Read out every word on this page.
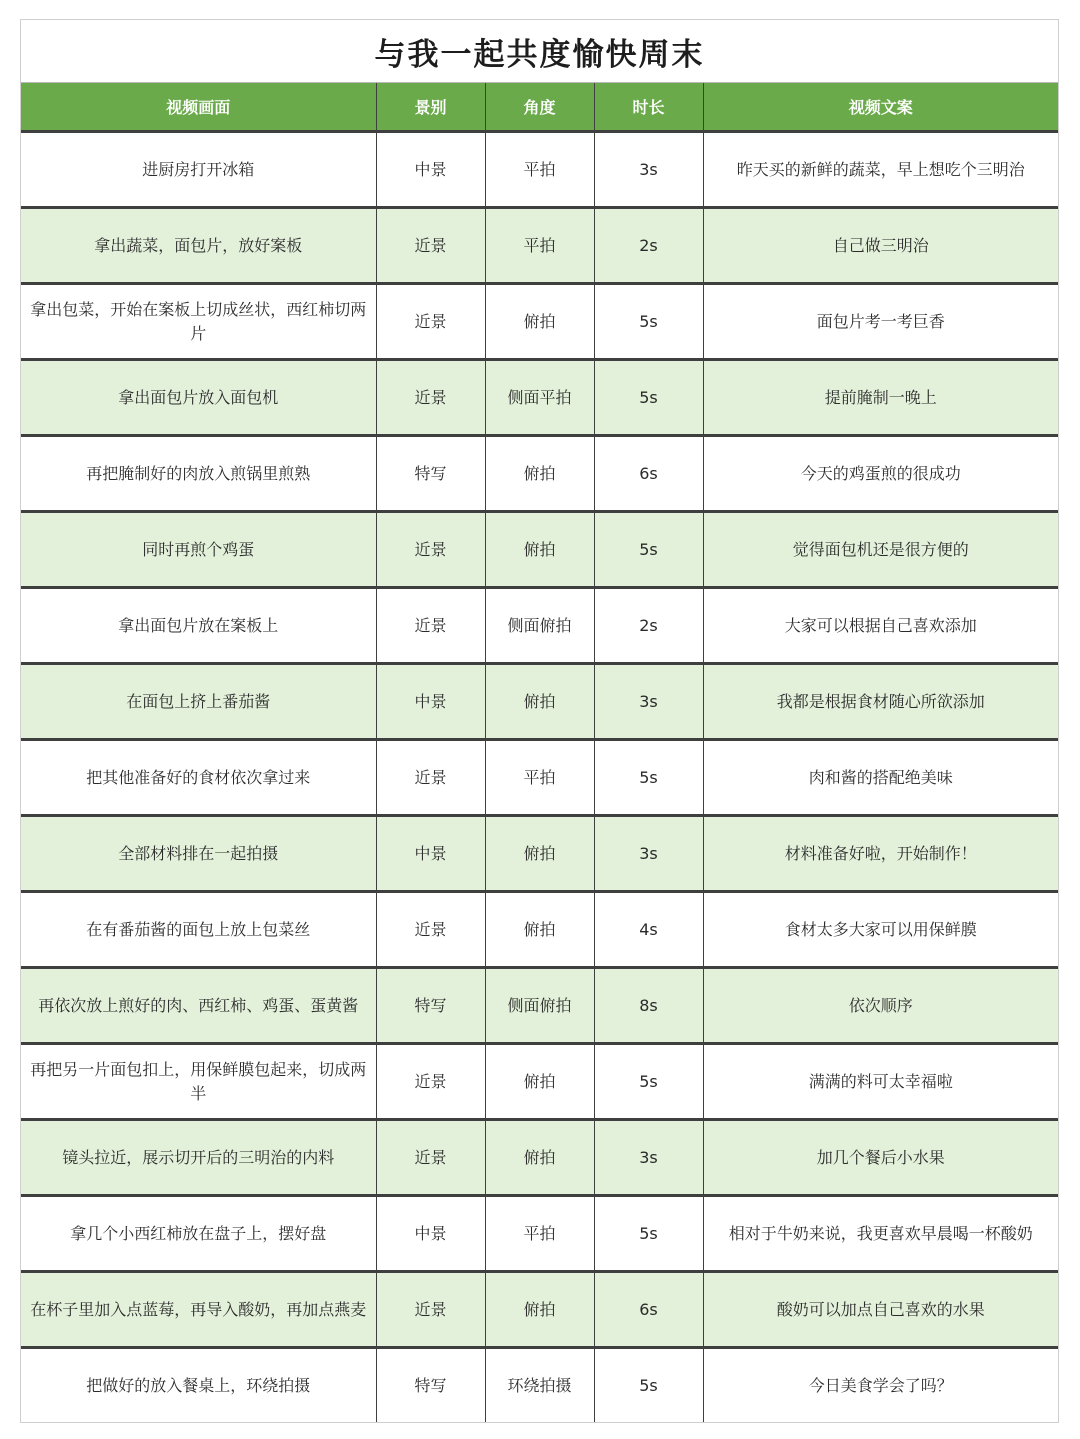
与我一起共度愉快周末
视频画面	景别	角度	时长	视频文案
进厨房打开冰箱	中景	平拍	3s	昨天买的新鲜的蔬菜，早上想吃个三明治
拿出蔬菜，面包片，放好案板	近景	平拍	2s	自己做三明治
拿出包菜，开始在案板上切成丝状，西红柿切两片	近景	俯拍	5s	面包片考一考巨香
拿出面包片放入面包机	近景	侧面平拍	5s	提前腌制一晚上
再把腌制好的肉放入煎锅里煎熟	特写	俯拍	6s	今天的鸡蛋煎的很成功
同时再煎个鸡蛋	近景	俯拍	5s	觉得面包机还是很方便的
拿出面包片放在案板上	近景	侧面俯拍	2s	大家可以根据自己喜欢添加
在面包上挤上番茄酱	中景	俯拍	3s	我都是根据食材随心所欲添加
把其他准备好的食材依次拿过来	近景	平拍	5s	肉和酱的搭配绝美味
全部材料排在一起拍摄	中景	俯拍	3s	材料准备好啦，开始制作！
在有番茄酱的面包上放上包菜丝	近景	俯拍	4s	食材太多大家可以用保鲜膜
再依次放上煎好的肉、西红柿、鸡蛋、蛋黄酱	特写	侧面俯拍	8s	依次顺序
再把另一片面包扣上，用保鲜膜包起来，切成两半	近景	俯拍	5s	满满的料可太幸福啦
镜头拉近，展示切开后的三明治的内料	近景	俯拍	3s	加几个餐后小水果
拿几个小西红柿放在盘子上，摆好盘	中景	平拍	5s	相对于牛奶来说，我更喜欢早晨喝一杯酸奶
在杯子里加入点蓝莓，再导入酸奶，再加点燕麦	近景	俯拍	6s	酸奶可以加点自己喜欢的水果
把做好的放入餐桌上，环绕拍摄	特写	环绕拍摄	5s	今日美食学会了吗？
